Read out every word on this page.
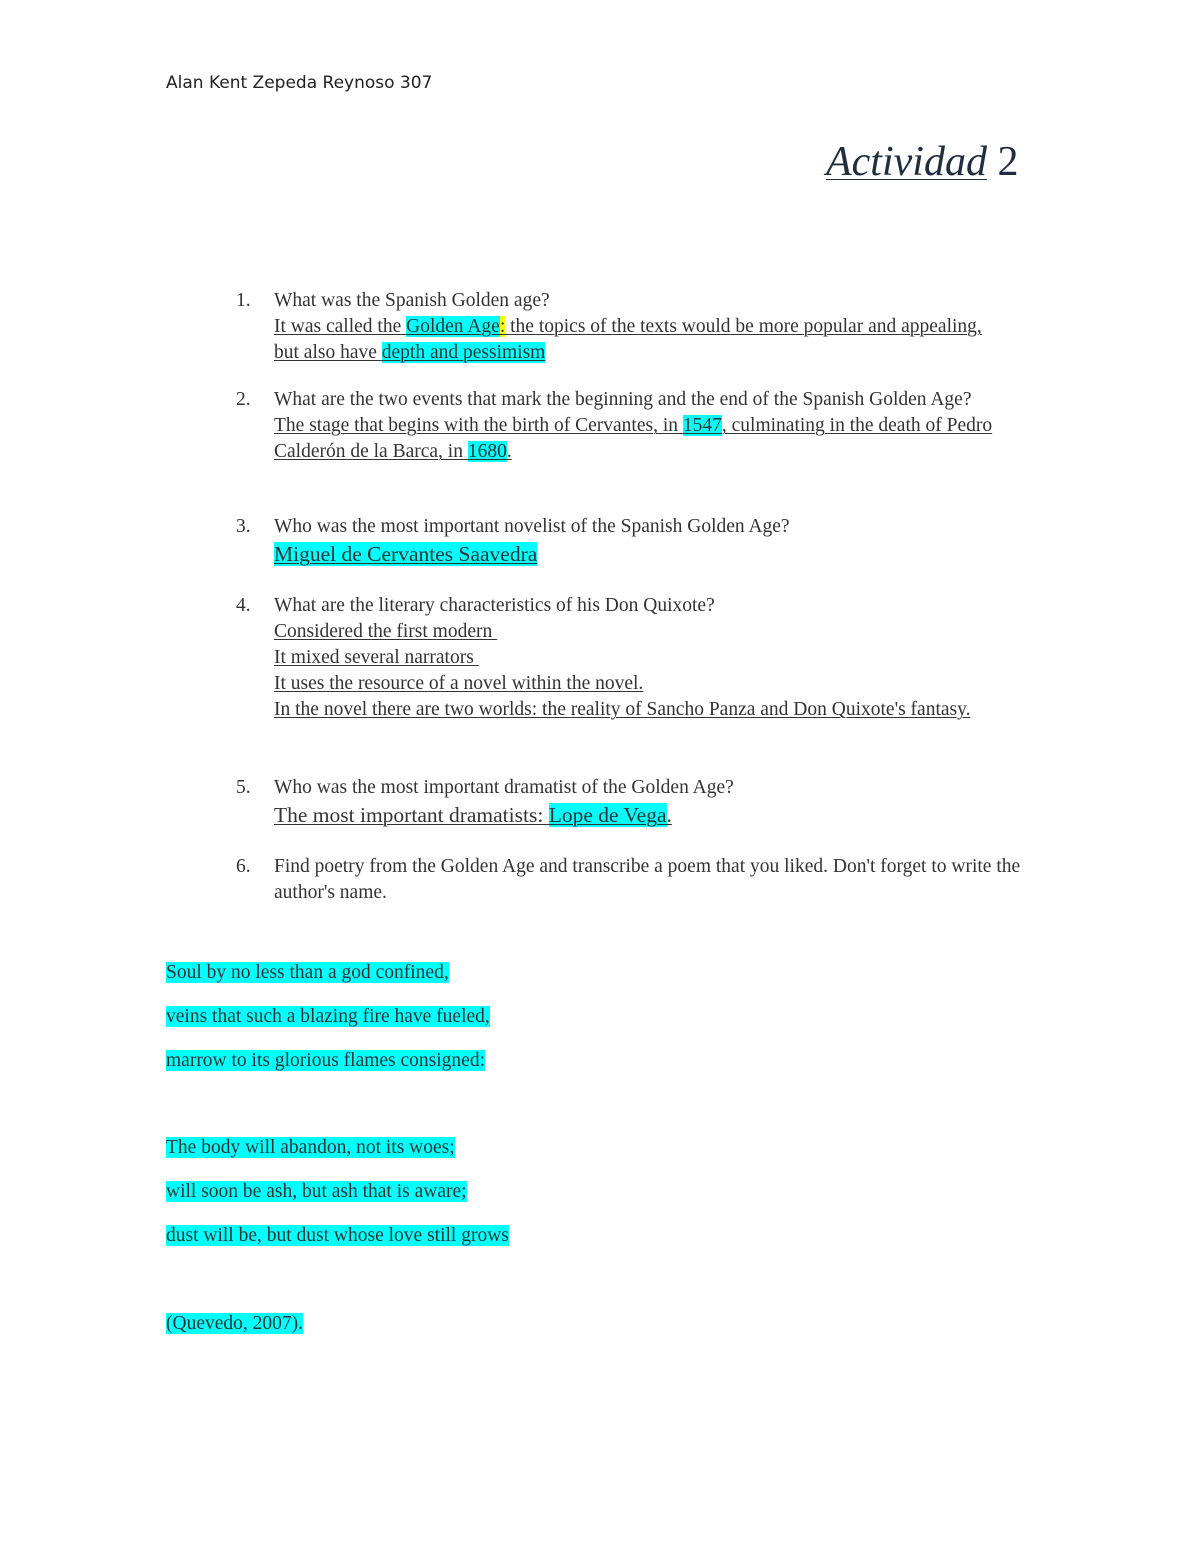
Alan Kent Zepeda Reynoso 307
Actividad 2
1. What was the Spanish Golden age?
It was called the Golden Age: the topics of the texts would be more popular and appealing,
but also have depth and pessimism
2. What are the two events that mark the beginning and the end of the Spanish Golden Age?
The stage that begins with the birth of Cervantes, in 1547, culminating in the death of Pedro Calderón de la Barca, in 1680.
3. Who was the most important novelist of the Spanish Golden Age?
Miguel de Cervantes Saavedra
4. What are the literary characteristics of his Don Quixote?
Considered the first modern
It mixed several narrators
It uses the resource of a novel within the novel.
In the novel there are two worlds: the reality of Sancho Panza and Don Quixote's fantasy.
5. Who was the most important dramatist of the Golden Age?
The most important dramatists: Lope de Vega.
6. Find poetry from the Golden Age and transcribe a poem that you liked. Don't forget to write the author's name.
Soul by no less than a god confined,
veins that such a blazing fire have fueled,
marrow to its glorious flames consigned:
The body will abandon, not its woes;
will soon be ash, but ash that is aware;
dust will be, but dust whose love still grows
(Quevedo, 2007).
